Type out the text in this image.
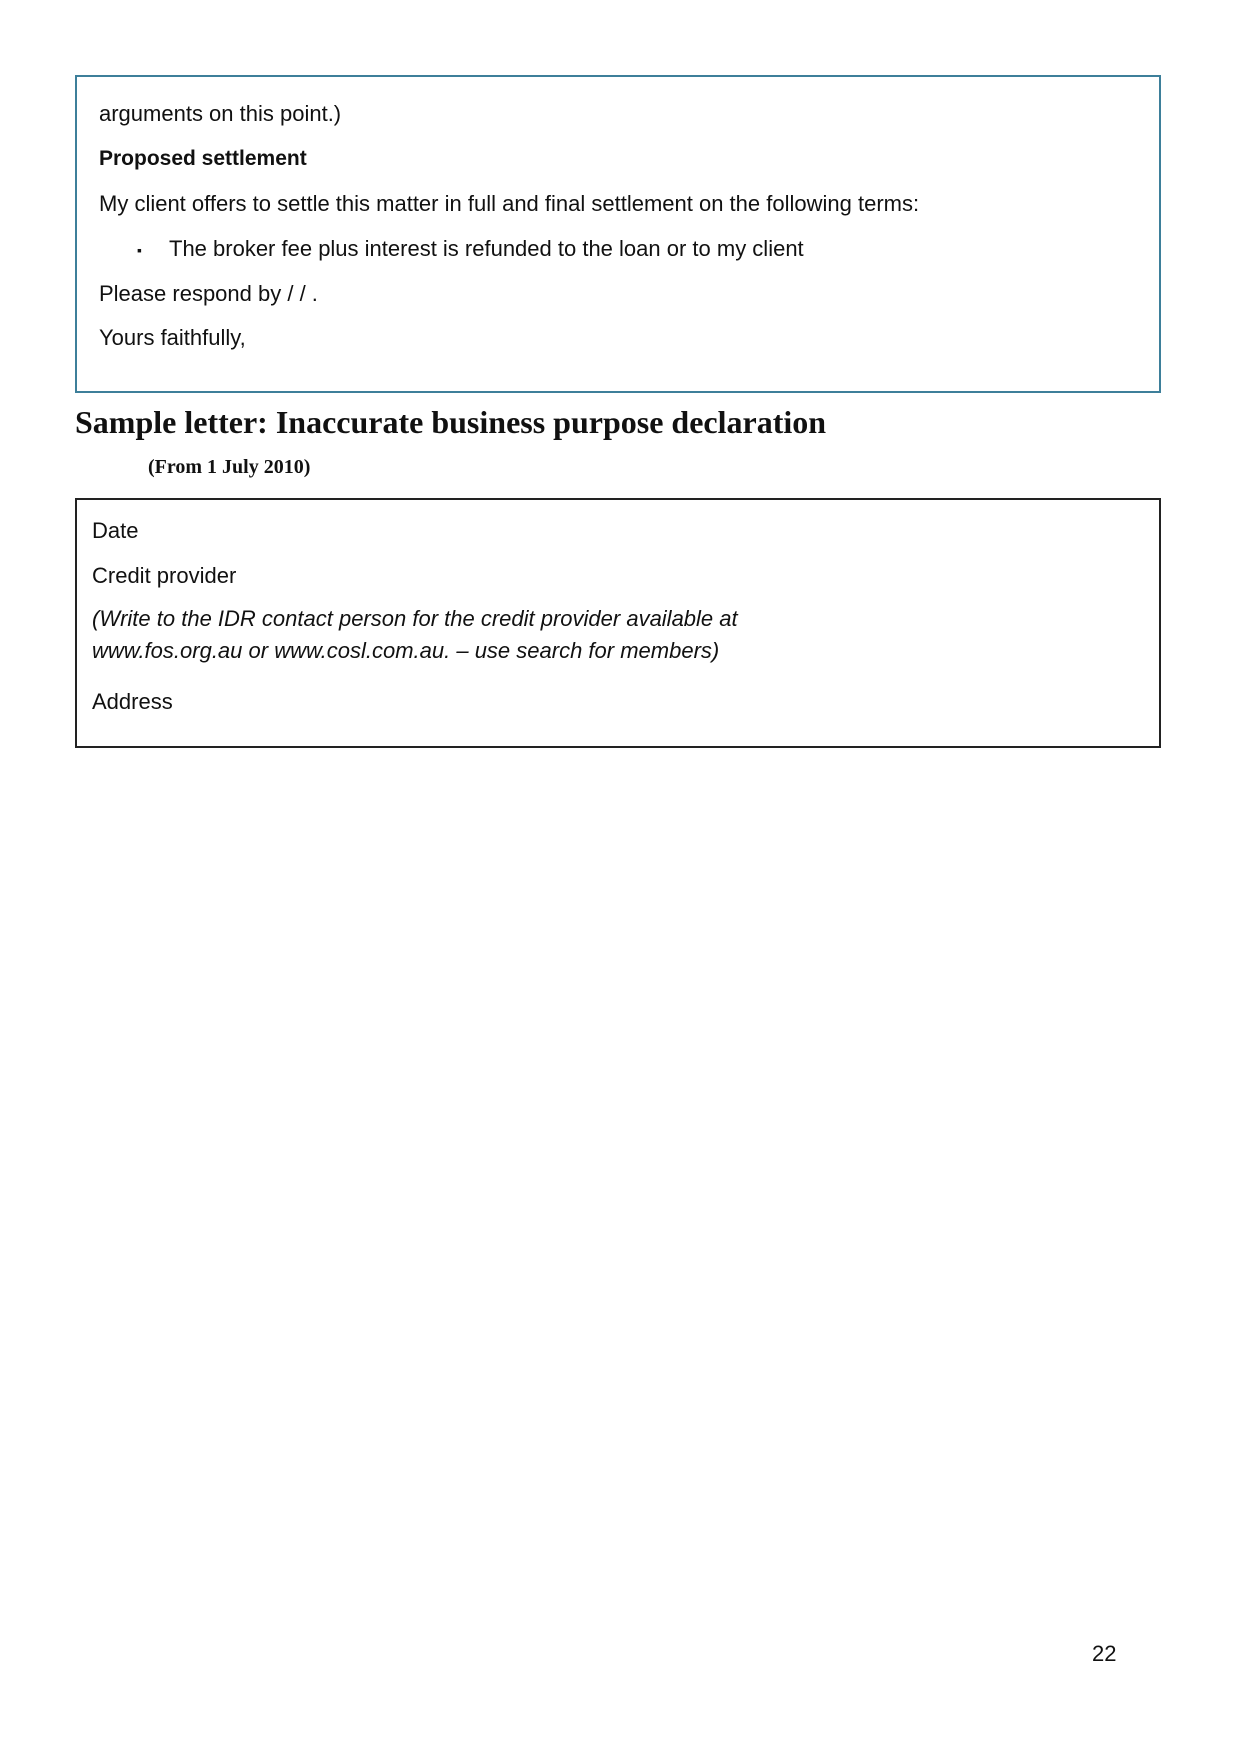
arguments on this point.)
Proposed settlement
My client offers to settle this matter in full and final settlement on the following terms:
▪ The broker fee plus interest is refunded to the loan or to my client
Please respond by / / .
Yours faithfully,
Sample letter: Inaccurate business purpose declaration
(From 1 July 2010)
Date
Credit provider
(Write to the IDR contact person for the credit provider available at www.fos.org.au or www.cosl.com.au. – use search for members)
Address
22
